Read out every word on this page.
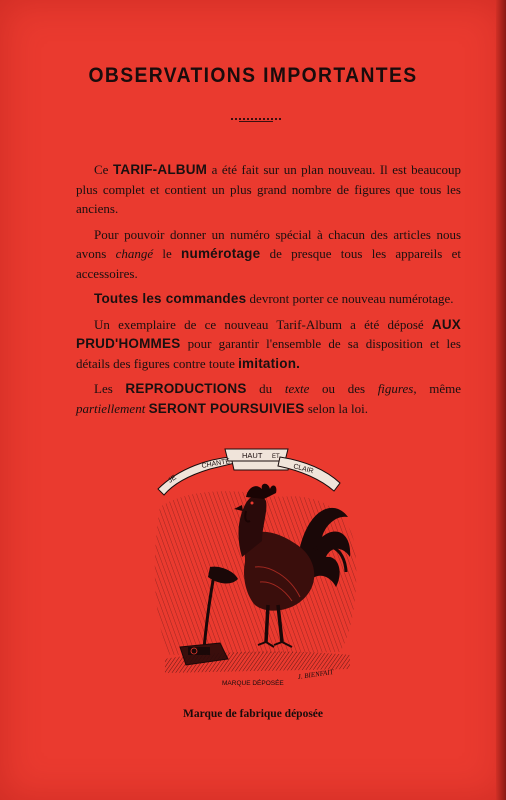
OBSERVATIONS IMPORTANTES

Ce TARIF-ALBUM a été fait sur un plan nouveau. Il est beaucoup plus complet et contient un plus grand nombre de figures que tous les anciens.

Pour pouvoir donner un numéro spécial à chacun des articles nous avons changé le numérotage de presque tous les appareils et accessoires.

Toutes les commandes devront porter ce nouveau numérotage.

Un exemplaire de ce nouveau Tarif-Album a été déposé AUX PRUD'HOMMES pour garantir l'ensemble de sa disposition et les détails des figures contre toute imitation.

Les REPRODUCTIONS du texte ou des figures, même partiellement SERONT POURSUIVIES selon la loi.

JE
CHANTE
HAUT ET
CLAIR
MARQUE DÉPOSÉE
J. BIENFAIT
Marque de fabrique déposée
